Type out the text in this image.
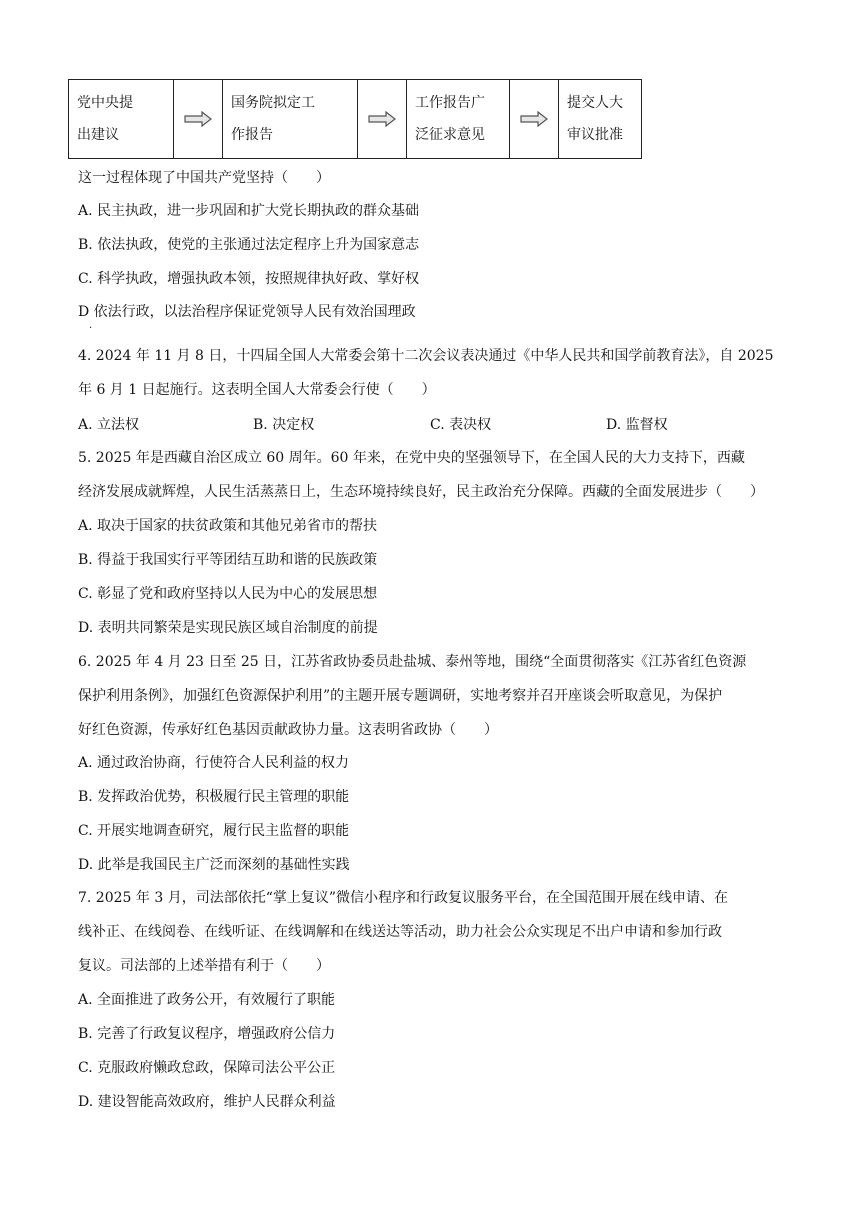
党中央提
出建议

国务院拟定工
作报告

工作报告广
泛征求意见

提交人大
审议批准
这一过程体现了中国共产党坚持（　　）
A. 民主执政，进一步巩固和扩大党长期执政的群众基础
B. 依法执政，使党的主张通过法定程序上升为国家意志
C. 科学执政，增强执政本领，按照规律执好政、掌好权
D 依法行政，以法治程序保证党领导人民有效治国理政
.
4. 2024 年 11 月 8 日，十四届全国人大常委会第十二次会议表决通过《中华人民共和国学前教育法》，自 2025
年 6 月 1 日起施行。这表明全国人大常委会行使（　　）
A. 立法权	B. 决定权	C. 表决权	D. 监督权
5. 2025 年是西藏自治区成立 60 周年。60 年来，在党中央的坚强领导下，在全国人民的大力支持下，西藏
经济发展成就辉煌，人民生活蒸蒸日上，生态环境持续良好，民主政治充分保障。西藏的全面发展进步（　　）
A. 取决于国家的扶贫政策和其他兄弟省市的帮扶
B. 得益于我国实行平等团结互助和谐的民族政策
C. 彰显了党和政府坚持以人民为中心的发展思想
D. 表明共同繁荣是实现民族区域自治制度的前提
6. 2025 年 4 月 23 日至 25 日，江苏省政协委员赴盐城、泰州等地，围绕“全面贯彻落实《江苏省红色资源
保护利用条例》，加强红色资源保护利用”的主题开展专题调研，实地考察并召开座谈会听取意见，为保护
好红色资源，传承好红色基因贡献政协力量。这表明省政协（　　）
A. 通过政治协商，行使符合人民利益的权力
B. 发挥政治优势，积极履行民主管理的职能
C. 开展实地调查研究，履行民主监督的职能
D. 此举是我国民主广泛而深刻的基础性实践
7. 2025 年 3 月，司法部依托“掌上复议”微信小程序和行政复议服务平台，在全国范围开展在线申请、在
线补正、在线阅卷、在线听证、在线调解和在线送达等活动，助力社会公众实现足不出户申请和参加行政
复议。司法部的上述举措有利于（　　）
A. 全面推进了政务公开，有效履行了职能
B. 完善了行政复议程序，增强政府公信力
C. 克服政府懒政怠政，保障司法公平公正
D. 建设智能高效政府，维护人民群众利益
